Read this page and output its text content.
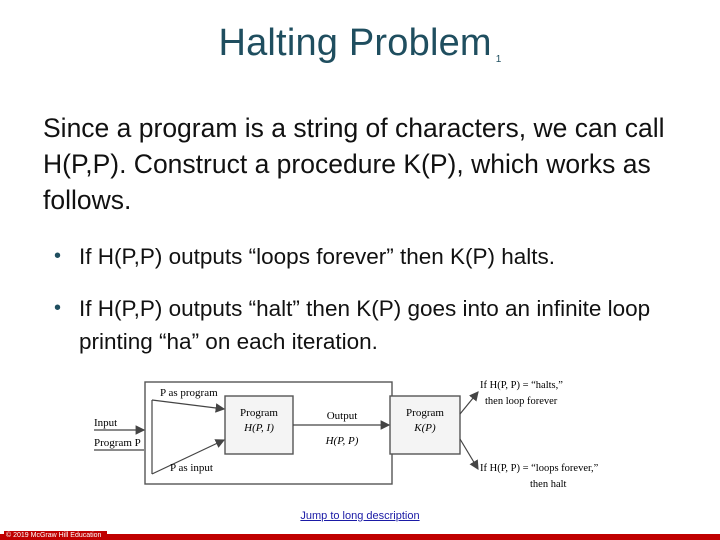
Halting Problem $_1$
Since a program is a string of characters, we can call H(P,P). Construct a procedure K(P), which works as follows.
• If H(P,P) outputs “loops forever” then K(P) halts.
• If H(P,P) outputs “halt” then K(P) goes into an infinite loop printing “ha” on each iteration.
Program
H(P, I)
Program
K(P)
Input
Program P
P as program
P as input
Output
H(P, P)
If H(P, P) = “halts,”
then loop forever
If H(P, P) = “loops forever,”
then halt
Jump to long description
© 2019 McGraw Hill Education
